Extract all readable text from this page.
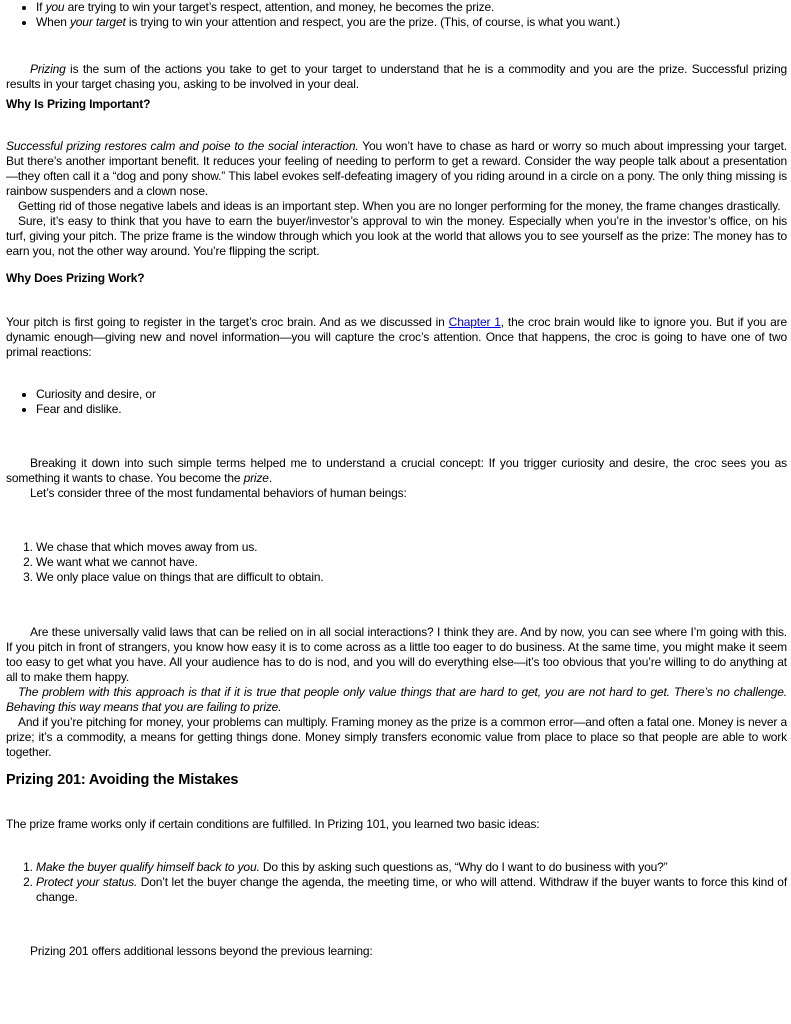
• If you are trying to win your target’s respect, attention, and money, he becomes the prize.
• When your target is trying to win your attention and respect, you are the prize. (This, of course, is what you want.)

Prizing is the sum of the actions you take to get to your target to understand that he is a commodity and you are the prize. Successful prizing results in your target chasing you, asking to be involved in your deal.

Why Is Prizing Important?

Successful prizing restores calm and poise to the social interaction. You won’t have to chase as hard or worry so much about impressing your target. But there’s another important benefit. It reduces your feeling of needing to perform to get a reward. Consider the way people talk about a presentation—they often call it a “dog and pony show.” This label evokes self-defeating imagery of you riding around in a circle on a pony. The only thing missing is rainbow suspenders and a clown nose.

Getting rid of those negative labels and ideas is an important step. When you are no longer performing for the money, the frame changes drastically.

Sure, it’s easy to think that you have to earn the buyer/investor’s approval to win the money. Especially when you’re in the investor’s office, on his turf, giving your pitch. The prize frame is the window through which you look at the world that allows you to see yourself as the prize: The money has to earn you, not the other way around. You’re flipping the script.

Why Does Prizing Work?

Your pitch is first going to register in the target’s croc brain. And as we discussed in Chapter 1, the croc brain would like to ignore you. But if you are dynamic enough—giving new and novel information—you will capture the croc’s attention. Once that happens, the croc is going to have one of two primal reactions:

• Curiosity and desire, or
• Fear and dislike.

Breaking it down into such simple terms helped me to understand a crucial concept: If you trigger curiosity and desire, the croc sees you as something it wants to chase. You become the prize.

Let’s consider three of the most fundamental behaviors of human beings:

1. We chase that which moves away from us.
2. We want what we cannot have.
3. We only place value on things that are difficult to obtain.

Are these universally valid laws that can be relied on in all social interactions? I think they are. And by now, you can see where I’m going with this. If you pitch in front of strangers, you know how easy it is to come across as a little too eager to do business. At the same time, you might make it seem too easy to get what you have. All your audience has to do is nod, and you will do everything else—it’s too obvious that you’re willing to do anything at all to make them happy.

The problem with this approach is that if it is true that people only value things that are hard to get, you are not hard to get. There’s no challenge. Behaving this way means that you are failing to prize.

And if you’re pitching for money, your problems can multiply. Framing money as the prize is a common error—and often a fatal one. Money is never a prize; it’s a commodity, a means for getting things done. Money simply transfers economic value from place to place so that people are able to work together.

Prizing 201: Avoiding the Mistakes

The prize frame works only if certain conditions are fulfilled. In Prizing 101, you learned two basic ideas:

1. Make the buyer qualify himself back to you. Do this by asking such questions as, “Why do I want to do business with you?”
2. Protect your status. Don’t let the buyer change the agenda, the meeting time, or who will attend. Withdraw if the buyer wants to force this kind of change.

Prizing 201 offers additional lessons beyond the previous learning:
